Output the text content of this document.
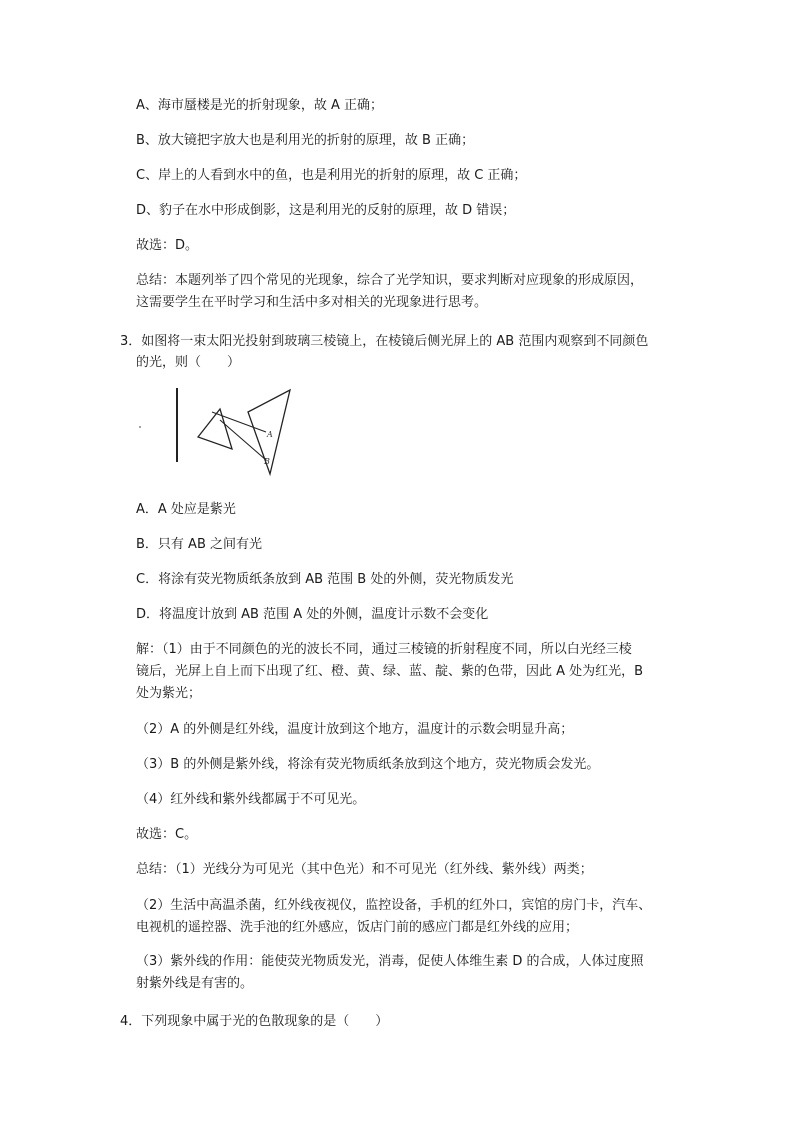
A、海市蜃楼是光的折射现象，故 A 正确；
B、放大镜把字放大也是利用光的折射的原理，故 B 正确；
C、岸上的人看到水中的鱼，也是利用光的折射的原理，故 C 正确；
D、豹子在水中形成倒影，这是利用光的反射的原理，故 D 错误；
故选：D。
总结：本题列举了四个常见的光现象，综合了光学知识，要求判断对应现象的形成原因，
这需要学生在平时学习和生活中多对相关的光现象进行思考。
3．如图将一束太阳光投射到玻璃三棱镜上，在棱镜后侧光屏上的 AB 范围内观察到不同颜色
的光，则（　　）
A
B
A．A 处应是紫光
B．只有 AB 之间有光
C．将涂有荧光物质纸条放到 AB 范围 B 处的外侧，荧光物质发光
D．将温度计放到 AB 范围 A 处的外侧，温度计示数不会变化
解：（1）由于不同颜色的光的波长不同，通过三棱镜的折射程度不同，所以白光经三棱
镜后，光屏上自上而下出现了红、橙、黄、绿、蓝、靛、紫的色带，因此 A 处为红光，B
处为紫光；
（2）A 的外侧是红外线，温度计放到这个地方，温度计的示数会明显升高；
（3）B 的外侧是紫外线，将涂有荧光物质纸条放到这个地方，荧光物质会发光。
（4）红外线和紫外线都属于不可见光。
故选：C。
总结：（1）光线分为可见光（其中色光）和不可见光（红外线、紫外线）两类；
（2）生活中高温杀菌，红外线夜视仪，监控设备，手机的红外口，宾馆的房门卡，汽车、
电视机的遥控器、洗手池的红外感应，饭店门前的感应门都是红外线的应用；
（3）紫外线的作用：能使荧光物质发光，消毒，促使人体维生素 D 的合成，人体过度照
射紫外线是有害的。
4．下列现象中属于光的色散现象的是（　　）
